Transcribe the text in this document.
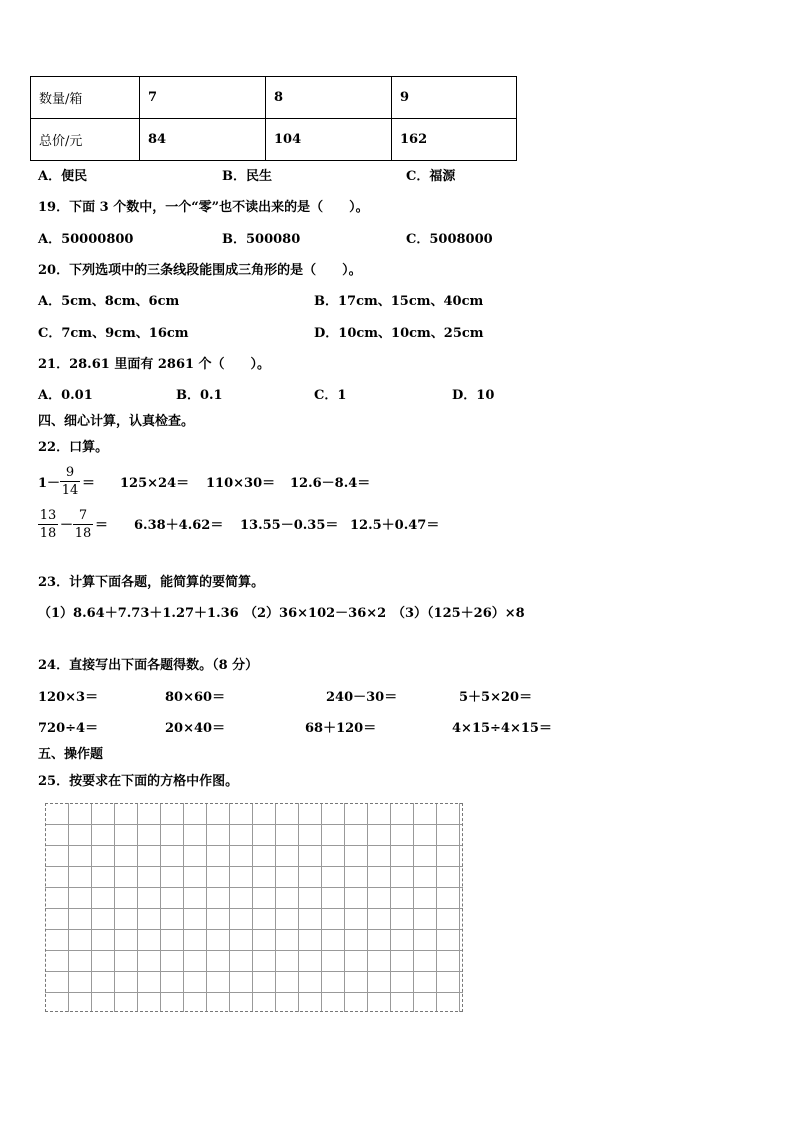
数量/箱	7	8	9
总价/元	84	104	162
A．便民	B．民生	C．福源
19．下面 3 个数中，一个“零”也不读出来的是（　　）。
A．50000800	B．500080	C．5008000
20．下列选项中的三条线段能围成三角形的是（　　）。
A．5cm、8cm、6cm	B．17cm、15cm、40cm
C．7cm、9cm、16cm	D．10cm、10cm、25cm
21．28.61 里面有 2861 个（　　）。
A．0.01	B．0.1	C．1	D．10
四、细心计算，认真检查。
22．口算。
1－
9
14 ＝ 125×24＝ 110×30＝ 12.6－8.4＝
13
18
－
7
18
＝ 6.38＋4.62＝ 13.55－0.35＝ 12.5＋0.47＝
23．计算下面各题，能简算的要简算。
（1）8.64＋7.73＋1.27＋1.36 （2）36×102－36×2 （3）（125＋26）×8
24．直接写出下面各题得数。（8 分）
120×3＝	80×60＝	240－30＝	5＋5×20＝
720÷4＝	20×40＝	68＋120＝	4×15÷4×15＝
五、操作题
25．按要求在下面的方格中作图。
